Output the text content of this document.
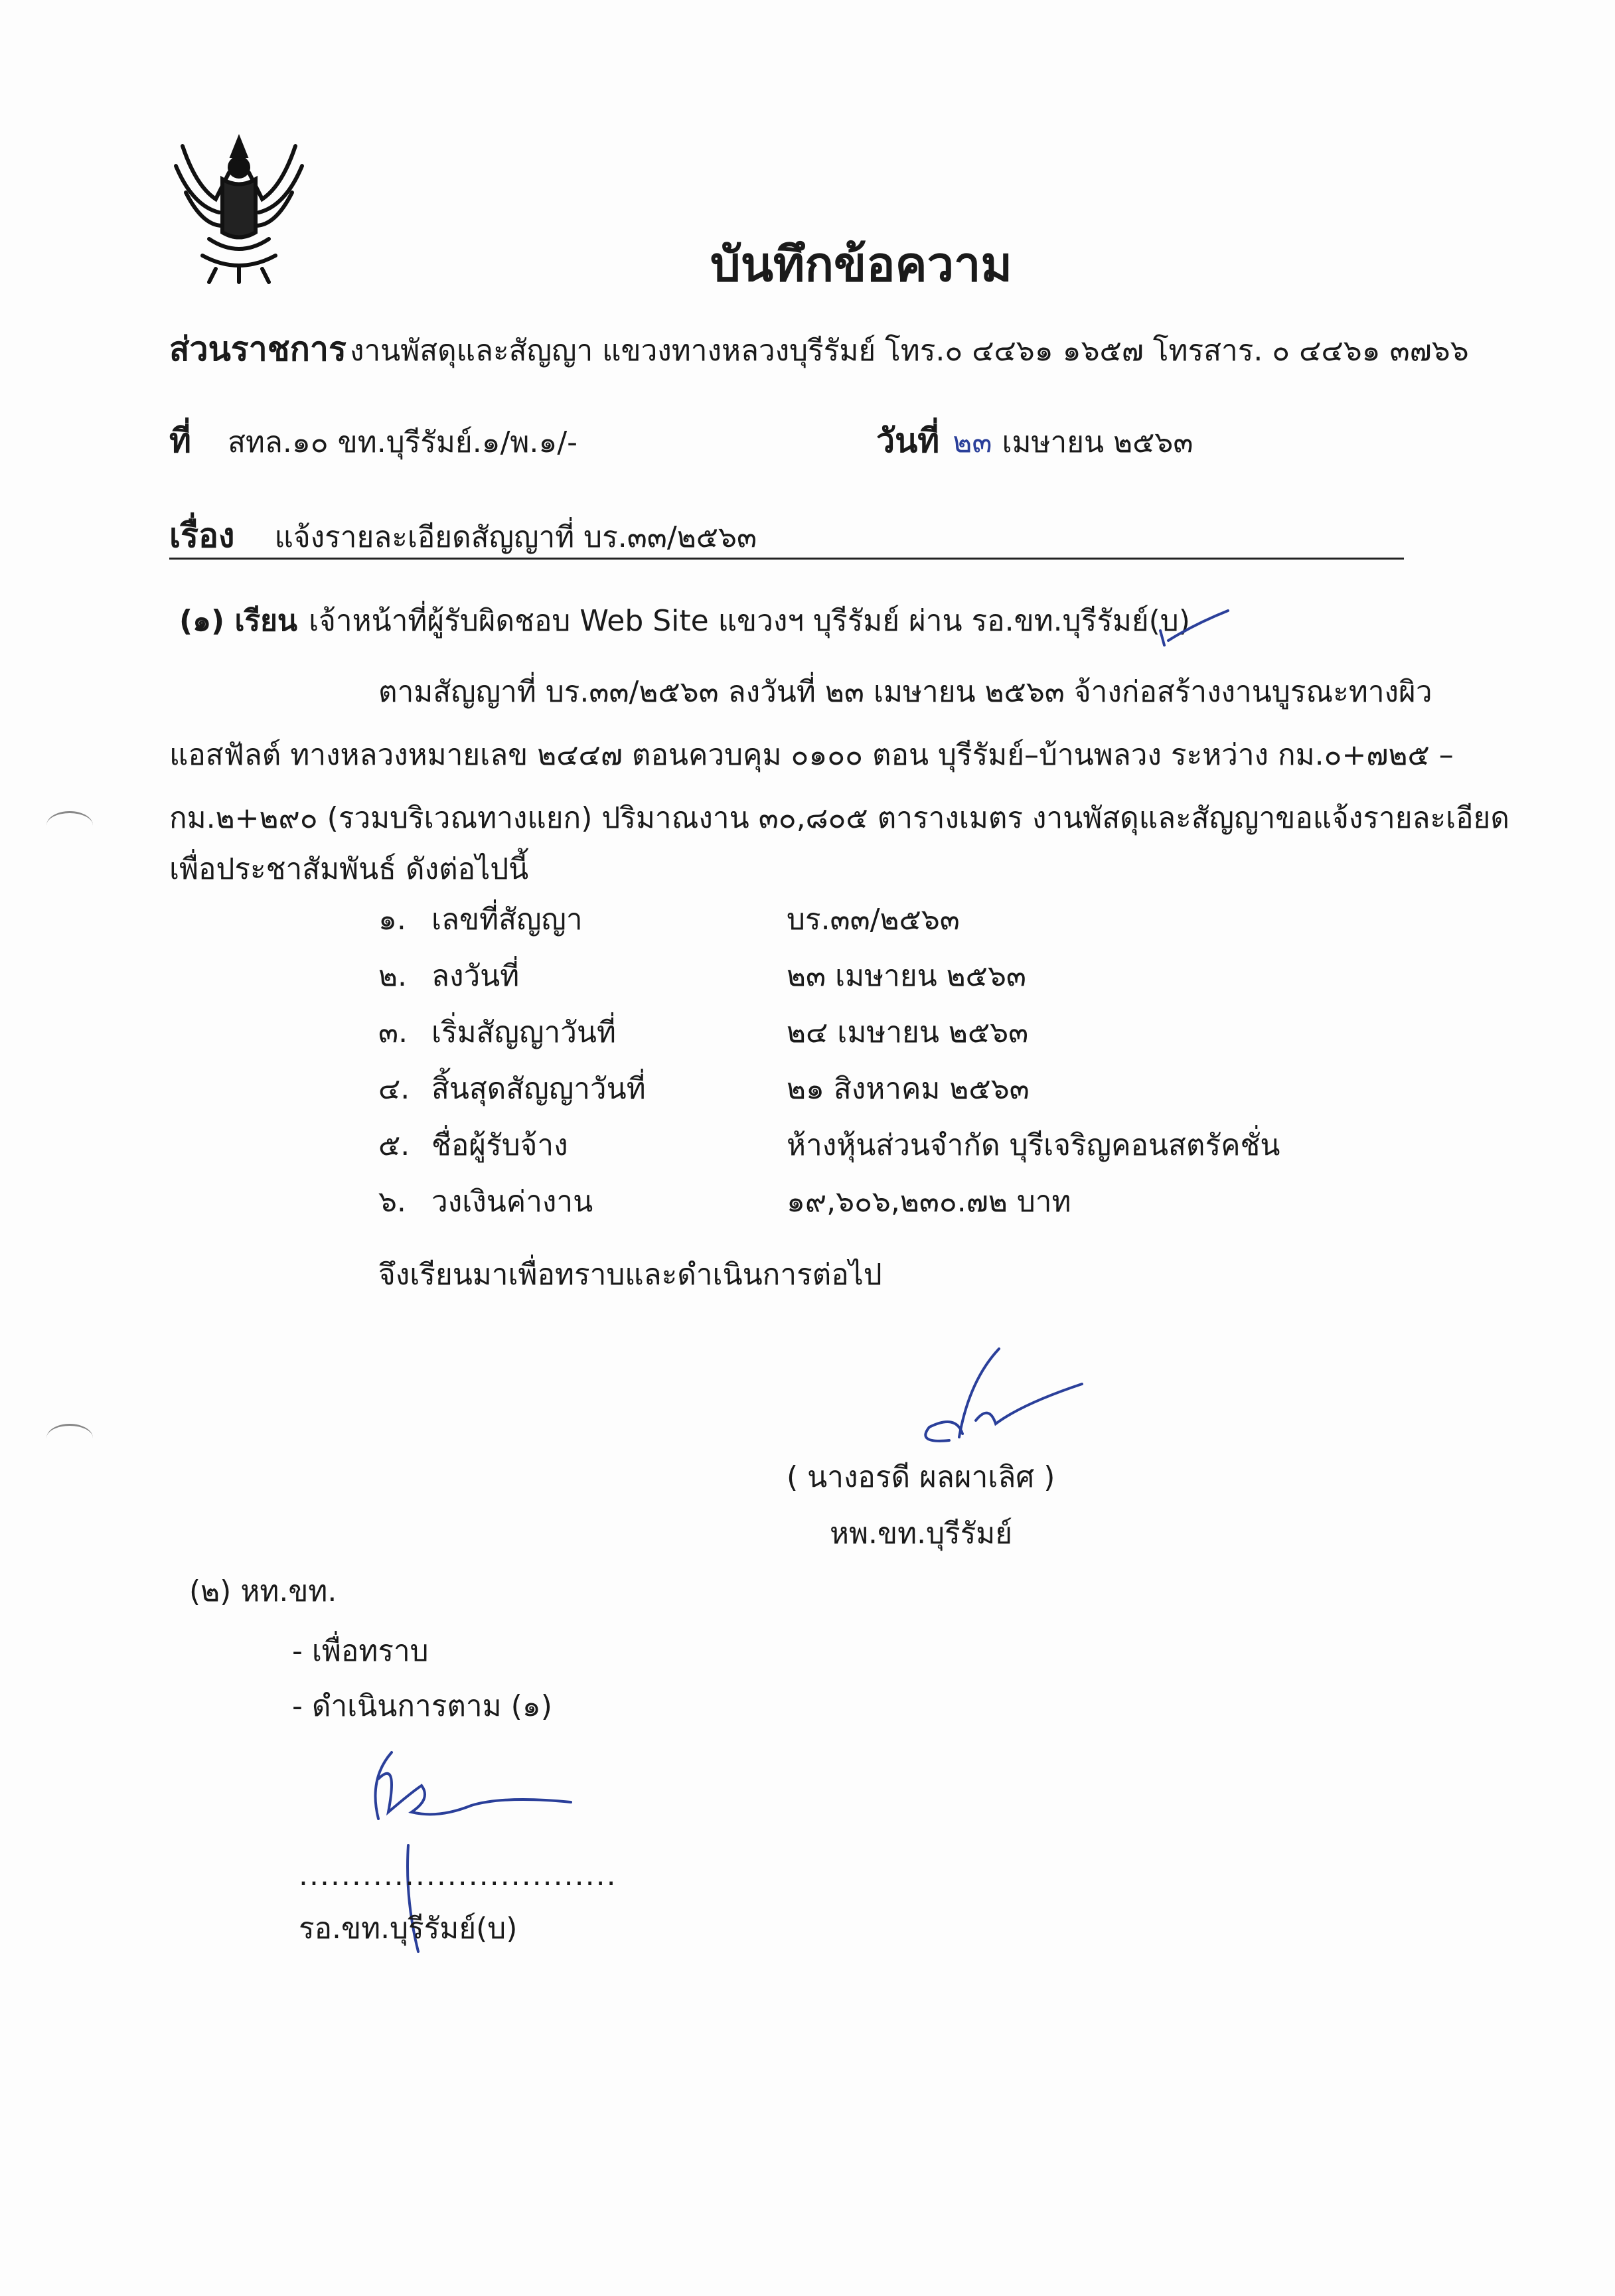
บันทึกข้อความ
ส่วนราชการ งานพัสดุและสัญญา แขวงทางหลวงบุรีรัมย์ โทร.๐ ๔๔๖๑ ๑๖๕๗ โทรสาร. ๐ ๔๔๖๑ ๓๗๖๖
ที่ สทล.๑๐ ขท.บุรีรัมย์.๑/พ.๑/-	วันที่ ๒๓ เมษายน ๒๕๖๓
เรื่อง แจ้งรายละเอียดสัญญาที่ บร.๓๓/๒๕๖๓
(๑) เรียน เจ้าหน้าที่ผู้รับผิดชอบ Web Site แขวงฯ บุรีรัมย์ ผ่าน รอ.ขท.บุรีรัมย์(บ)
ตามสัญญาที่ บร.๓๓/๒๕๖๓ ลงวันที่ ๒๓ เมษายน ๒๕๖๓ จ้างก่อสร้างงานบูรณะทางผิว
แอสฟัลต์ ทางหลวงหมายเลข ๒๔๔๗ ตอนควบคุม ๐๑๐๐ ตอน บุรีรัมย์–บ้านพลวง ระหว่าง กม.๐+๗๒๕ –
กม.๒+๒๙๐ (รวมบริเวณทางแยก) ปริมาณงาน ๓๐,๘๐๕ ตารางเมตร งานพัสดุและสัญญาขอแจ้งรายละเอียด
เพื่อประชาสัมพันธ์ ดังต่อไปนี้
๑. เลขที่สัญญา	บร.๓๓/๒๕๖๓
๒. ลงวันที่	๒๓ เมษายน ๒๕๖๓
๓. เริ่มสัญญาวันที่	๒๔ เมษายน ๒๕๖๓
๔. สิ้นสุดสัญญาวันที่	๒๑ สิงหาคม ๒๕๖๓
๕. ชื่อผู้รับจ้าง	ห้างหุ้นส่วนจำกัด บุรีเจริญคอนสตรัคชั่น
๖. วงเงินค่างาน	๑๙,๖๐๖,๒๓๐.๗๒ บาท
จึงเรียนมาเพื่อทราบและดำเนินการต่อไป
( นางอรดี ผลผาเลิศ )
หพ.ขท.บุรีรัมย์
(๒) หท.ขท.
- เพื่อทราบ
- ดำเนินการตาม (๑)
..............................
รอ.ขท.บุรีรัมย์(บ)
